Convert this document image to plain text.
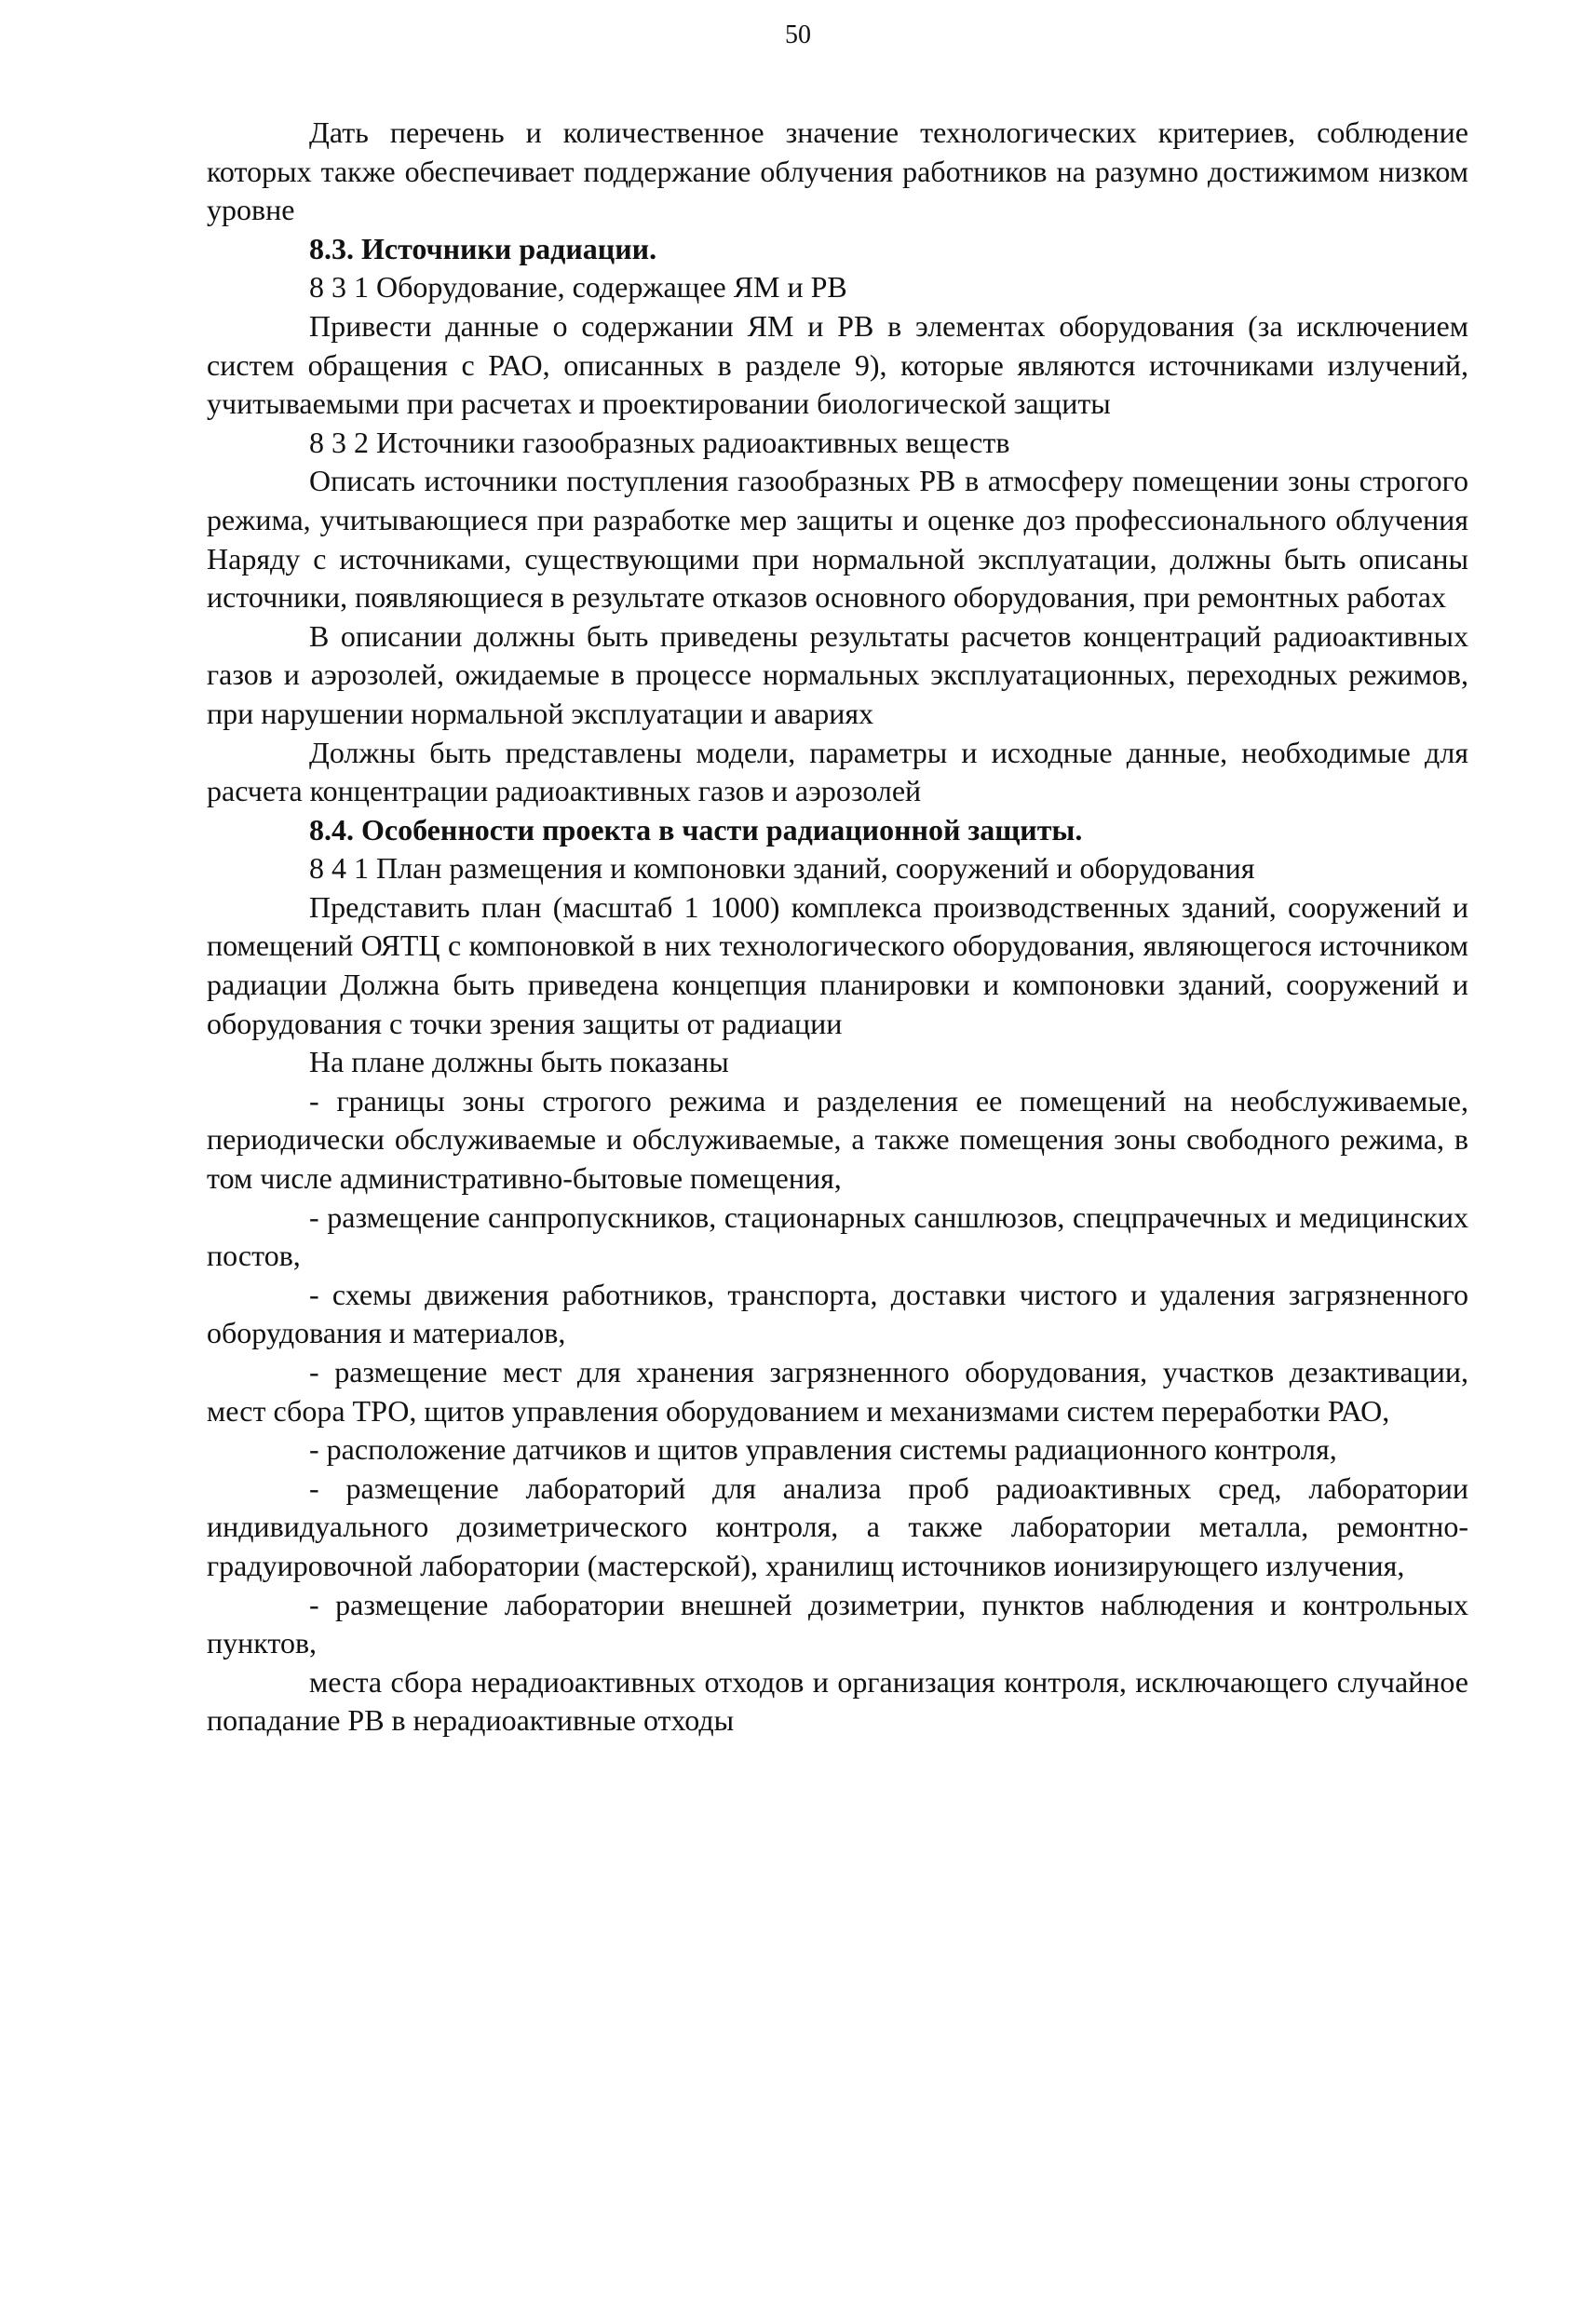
50

Дать перечень и количественное значение технологических критериев, соблюдение которых также обеспечивает поддержание облучения работников на разумно достижимом низком уровне

8.3. Источники радиации.
8 3 1 Оборудование, содержащее ЯМ и РВ

Привести данные о содержании ЯМ и РВ в элементах оборудования (за исключением систем обращения с РАО, описанных в разделе 9), которые являются источниками излучений, учитываемыми при расчетах и проектировании биологической защиты

8 3 2 Источники газообразных радиоактивных веществ

Описать источники поступления газообразных РВ в атмосферу помещении зоны строгого режима, учитывающиеся при разработке мер защиты и оценке доз профессионального облучения Наряду с источниками, существующими при нормальной эксплуатации, должны быть описаны источники, появляющиеся в результате отказов основного оборудования, при ремонтных работах

В описании должны быть приведены результаты расчетов концентраций радиоактивных газов и аэрозолей, ожидаемые в процессе нормальных эксплуатационных, переходных режимов, при нарушении нормальной эксплуатации и авариях

Должны быть представлены модели, параметры и исходные данные, необходимые для расчета концентрации радиоактивных газов и аэрозолей

8.4. Особенности проекта в части радиационной защиты.
8 4 1 План размещения и компоновки зданий, сооружений и оборудования

Представить план (масштаб 1 1000) комплекса производственных зданий, сооружений и помещений ОЯТЦ с компоновкой в них технологического оборудования, являющегося источником радиации Должна быть приведена концепция планировки и компоновки зданий, сооружений и оборудования с точки зрения защиты от радиации

На плане должны быть показаны

- границы зоны строгого режима и разделения ее помещений на необслуживаемые, периодически обслуживаемые и обслуживаемые, а также помещения зоны свободного режима, в том числе административно-бытовые помещения,

- размещение санпропускников, стационарных саншлюзов, спецпрачечных и медицинских постов,

- схемы движения работников, транспорта, доставки чистого и удаления загрязненного оборудования и материалов,

- размещение мест для хранения загрязненного оборудования, участков дезактивации, мест сбора ТРО, щитов управления оборудованием и механизмами систем переработки РАО,

- расположение датчиков и щитов управления системы радиационного контроля,

- размещение лабораторий для анализа проб радиоактивных сред, лаборатории индивидуального дозиметрического контроля, а также лаборатории металла, ремонтно-градуировочной лаборатории (мастерской), хранилищ источников ионизирующего излучения,

- размещение лаборатории внешней дозиметрии, пунктов наблюдения и контрольных пунктов,

места сбора нерадиоактивных отходов и организация контроля, исключающего случайное попадание РВ в нерадиоактивные отходы
